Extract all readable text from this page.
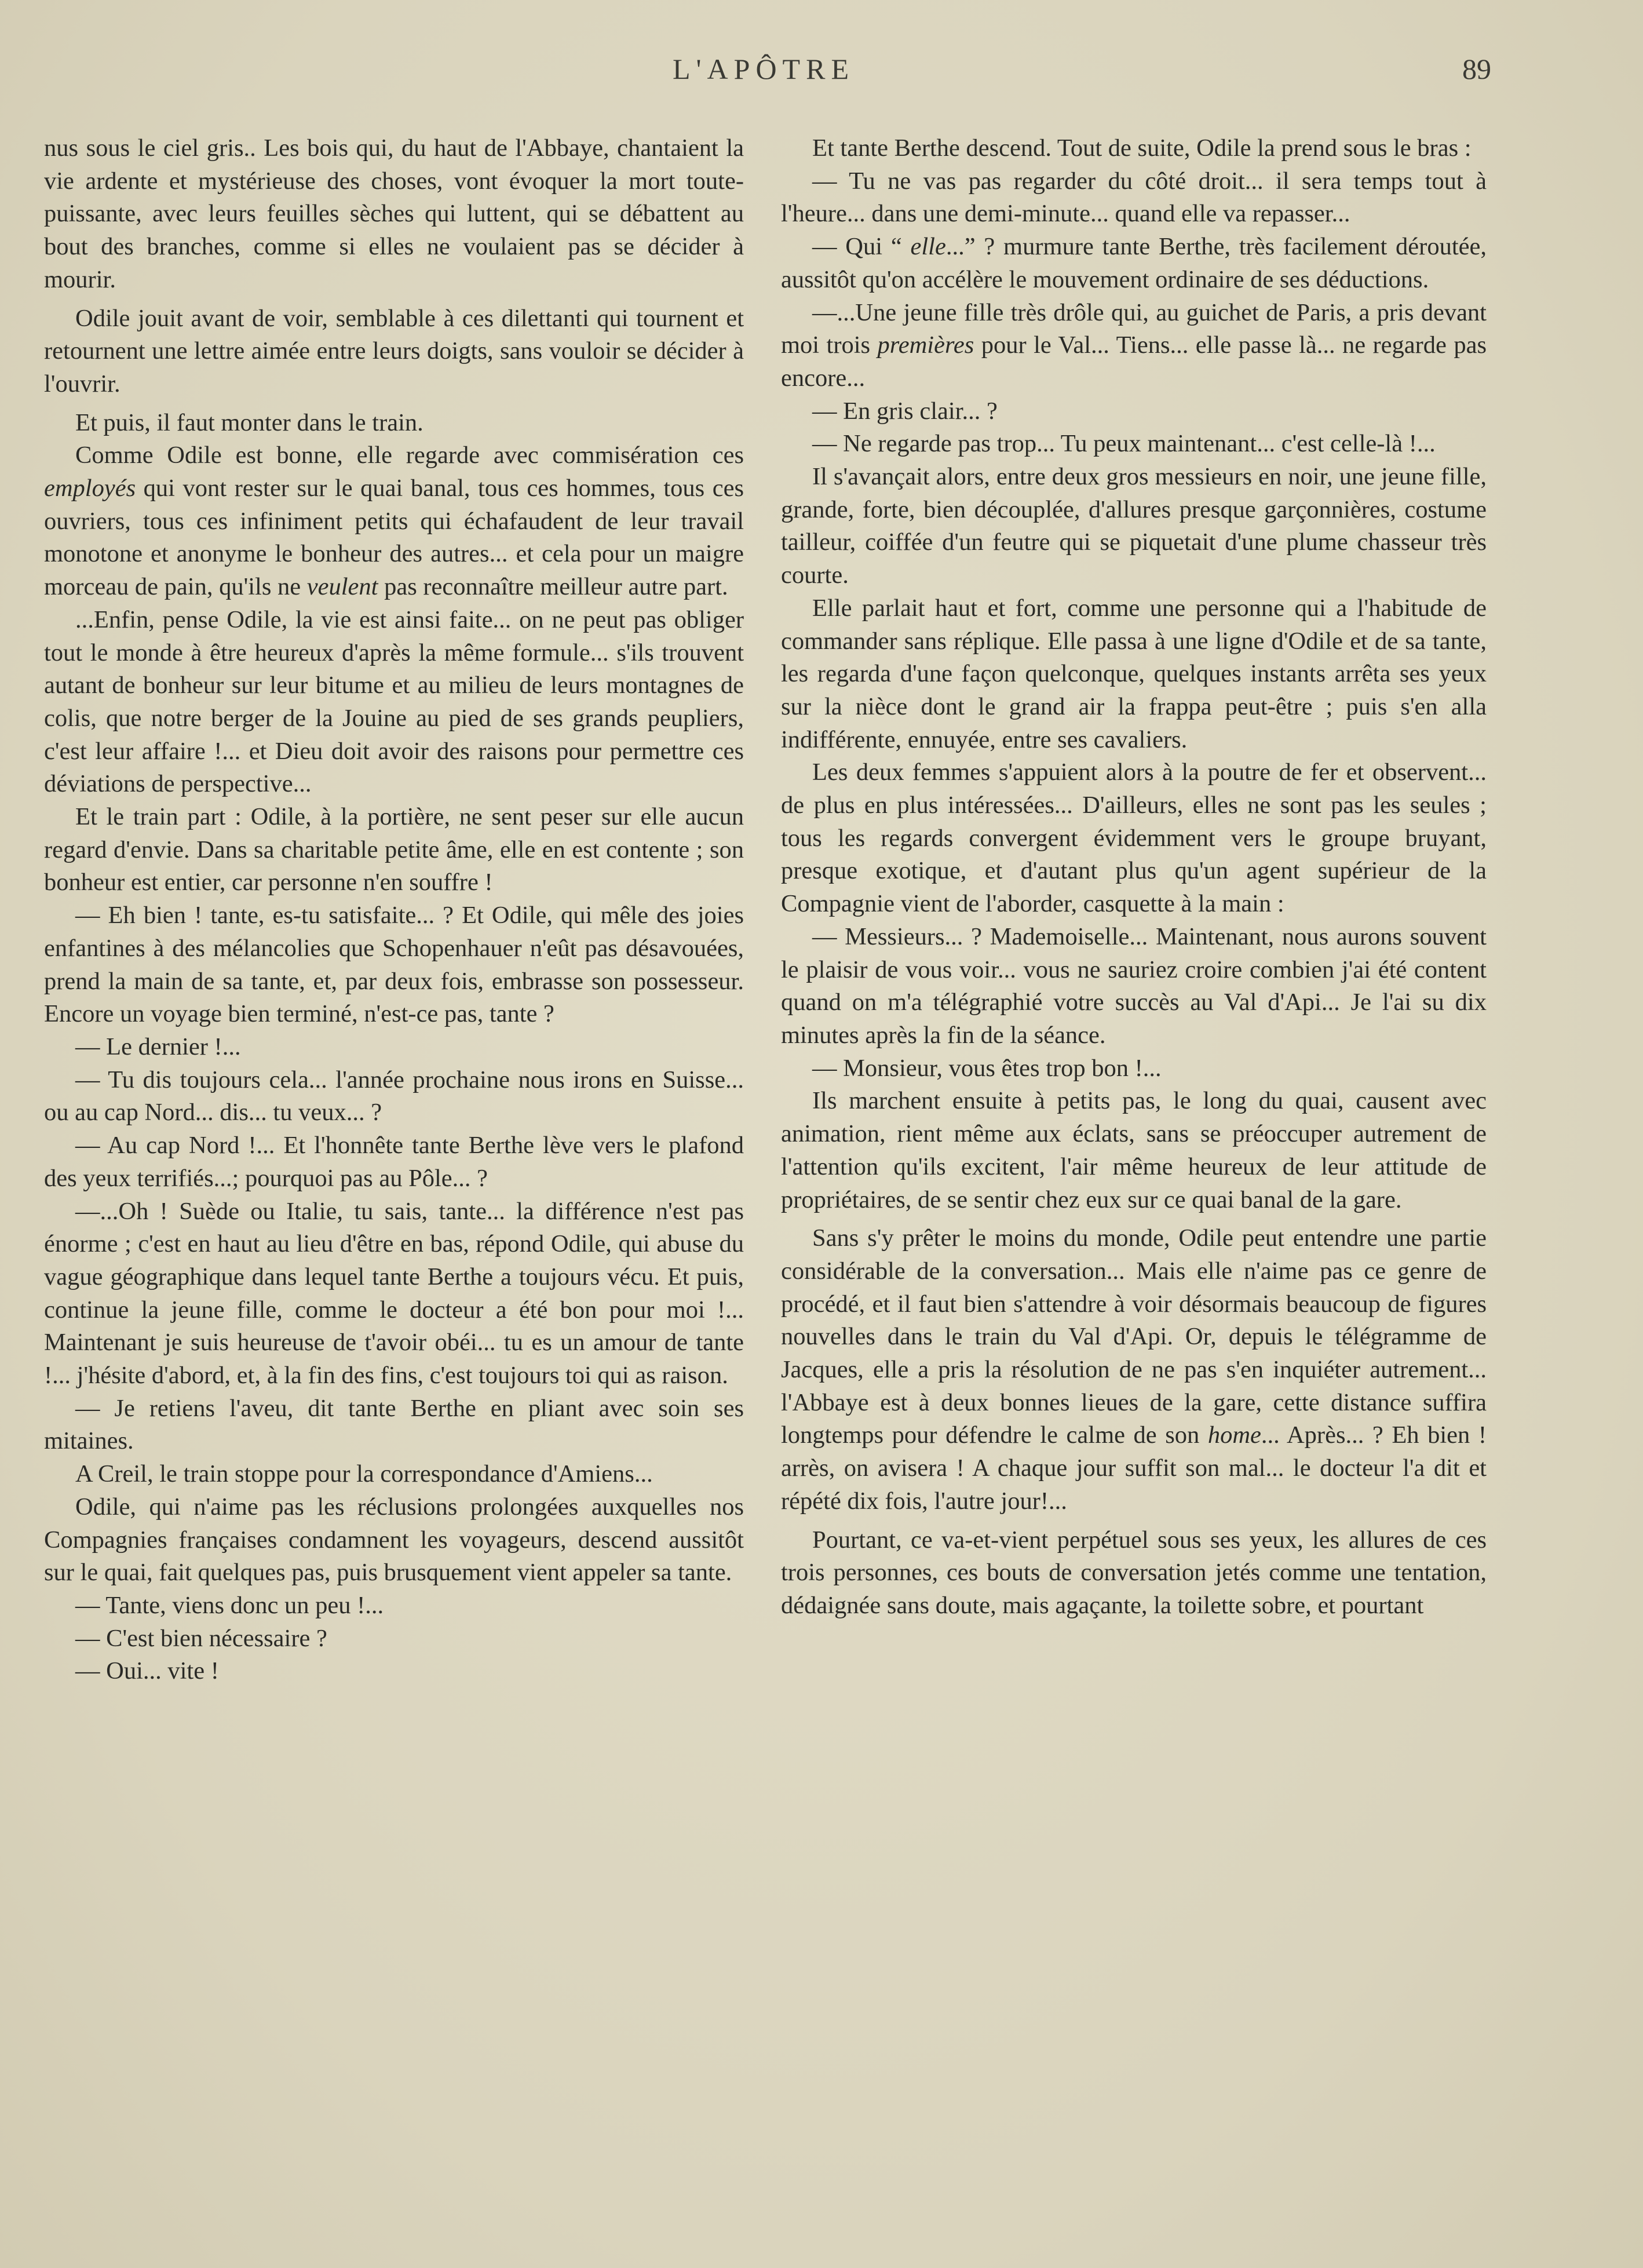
L'APÔTRE	89

nus sous le ciel gris.. Les bois qui, du haut de l'Abbaye, chantaient la vie ardente et mystérieuse des choses, vont évoquer la mort toute-puissante, avec leurs feuilles sèches qui luttent, qui se débattent au bout des branches, comme si elles ne voulaient pas se décider à mourir.

Odile jouit avant de voir, semblable à ces dilettanti qui tournent et retournent une lettre aimée entre leurs doigts, sans vouloir se décider à l'ouvrir.

Et puis, il faut monter dans le train.

Comme Odile est bonne, elle regarde avec commisération ces employés qui vont rester sur le quai banal, tous ces hommes, tous ces ouvriers, tous ces infiniment petits qui échafaudent de leur travail monotone et anonyme le bonheur des autres... et cela pour un maigre morceau de pain, qu'ils ne veulent pas reconnaître meilleur autre part.

...Enfin, pense Odile, la vie est ainsi faite... on ne peut pas obliger tout le monde à être heureux d'après la même formule... s'ils trouvent autant de bonheur sur leur bitume et au milieu de leurs montagnes de colis, que notre berger de la Jouine au pied de ses grands peupliers, c'est leur affaire !... et Dieu doit avoir des raisons pour permettre ces déviations de perspective...

Et le train part : Odile, à la portière, ne sent peser sur elle aucun regard d'envie. Dans sa charitable petite âme, elle en est contente ; son bonheur est entier, car personne n'en souffre !

— Eh bien ! tante, es-tu satisfaite... ? Et Odile, qui mêle des joies enfantines à des mélancolies que Schopenhauer n'eût pas désavouées, prend la main de sa tante, et, par deux fois, embrasse son possesseur. Encore un voyage bien terminé, n'est-ce pas, tante ?

— Le dernier !...

— Tu dis toujours cela... l'année prochaine nous irons en Suisse... ou au cap Nord... dis... tu veux... ?

— Au cap Nord !... Et l'honnête tante Berthe lève vers le plafond des yeux terrifiés...; pourquoi pas au Pôle... ?

—...Oh ! Suède ou Italie, tu sais, tante... la différence n'est pas énorme ; c'est en haut au lieu d'être en bas, répond Odile, qui abuse du vague géographique dans lequel tante Berthe a toujours vécu. Et puis, continue la jeune fille, comme le docteur a été bon pour moi !... Maintenant je suis heureuse de t'avoir obéi... tu es un amour de tante !... j'hésite d'abord, et, à la fin des fins, c'est toujours toi qui as raison.

— Je retiens l'aveu, dit tante Berthe en pliant avec soin ses mitaines.

A Creil, le train stoppe pour la correspondance d'Amiens...

Odile, qui n'aime pas les réclusions prolongées auxquelles nos Compagnies françaises condamnent les voyageurs, descend aussitôt sur le quai, fait quelques pas, puis brusquement vient appeler sa tante.

— Tante, viens donc un peu !...

— C'est bien nécessaire ?

— Oui... vite !

Et tante Berthe descend. Tout de suite, Odile la prend sous le bras :

— Tu ne vas pas regarder du côté droit... il sera temps tout à l'heure... dans une demi-minute... quand elle va repasser...

— Qui “ elle...” ? murmure tante Berthe, très facilement déroutée, aussitôt qu'on accélère le mouvement ordinaire de ses déductions.

—...Une jeune fille très drôle qui, au guichet de Paris, a pris devant moi trois premières pour le Val... Tiens... elle passe là... ne regarde pas encore...

— En gris clair... ?

— Ne regarde pas trop... Tu peux maintenant... c'est celle-là !...

Il s'avançait alors, entre deux gros messieurs en noir, une jeune fille, grande, forte, bien découplée, d'allures presque garçonnières, costume tailleur, coiffée d'un feutre qui se piquetait d'une plume chasseur très courte.

Elle parlait haut et fort, comme une personne qui a l'habitude de commander sans réplique. Elle passa à une ligne d'Odile et de sa tante, les regarda d'une façon quelconque, quelques instants arrêta ses yeux sur la nièce dont le grand air la frappa peut-être ; puis s'en alla indifférente, ennuyée, entre ses cavaliers.

Les deux femmes s'appuient alors à la poutre de fer et observent... de plus en plus intéressées... D'ailleurs, elles ne sont pas les seules ; tous les regards convergent évidemment vers le groupe bruyant, presque exotique, et d'autant plus qu'un agent supérieur de la Compagnie vient de l'aborder, casquette à la main :

— Messieurs... ? Mademoiselle... Maintenant, nous aurons souvent le plaisir de vous voir... vous ne sauriez croire combien j'ai été content quand on m'a télégraphié votre succès au Val d'Api... Je l'ai su dix minutes après la fin de la séance.

— Monsieur, vous êtes trop bon !...

Ils marchent ensuite à petits pas, le long du quai, causent avec animation, rient même aux éclats, sans se préoccuper autrement de l'attention qu'ils excitent, l'air même heureux de leur attitude de propriétaires, de se sentir chez eux sur ce quai banal de la gare.

Sans s'y prêter le moins du monde, Odile peut entendre une partie considérable de la conversation... Mais elle n'aime pas ce genre de procédé, et il faut bien s'attendre à voir désormais beaucoup de figures nouvelles dans le train du Val d'Api. Or, depuis le télégramme de Jacques, elle a pris la résolution de ne pas s'en inquiéter autrement... l'Abbaye est à deux bonnes lieues de la gare, cette distance suffira longtemps pour défendre le calme de son home... Après... ? Eh bien ! arrès, on avisera ! A chaque jour suffit son mal... le docteur l'a dit et répété dix fois, l'autre jour!...

Pourtant, ce va-et-vient perpétuel sous ses yeux, les allures de ces trois personnes, ces bouts de conversation jetés comme une tentation, dédaignée sans doute, mais agaçante, la toilette sobre, et pourtant
